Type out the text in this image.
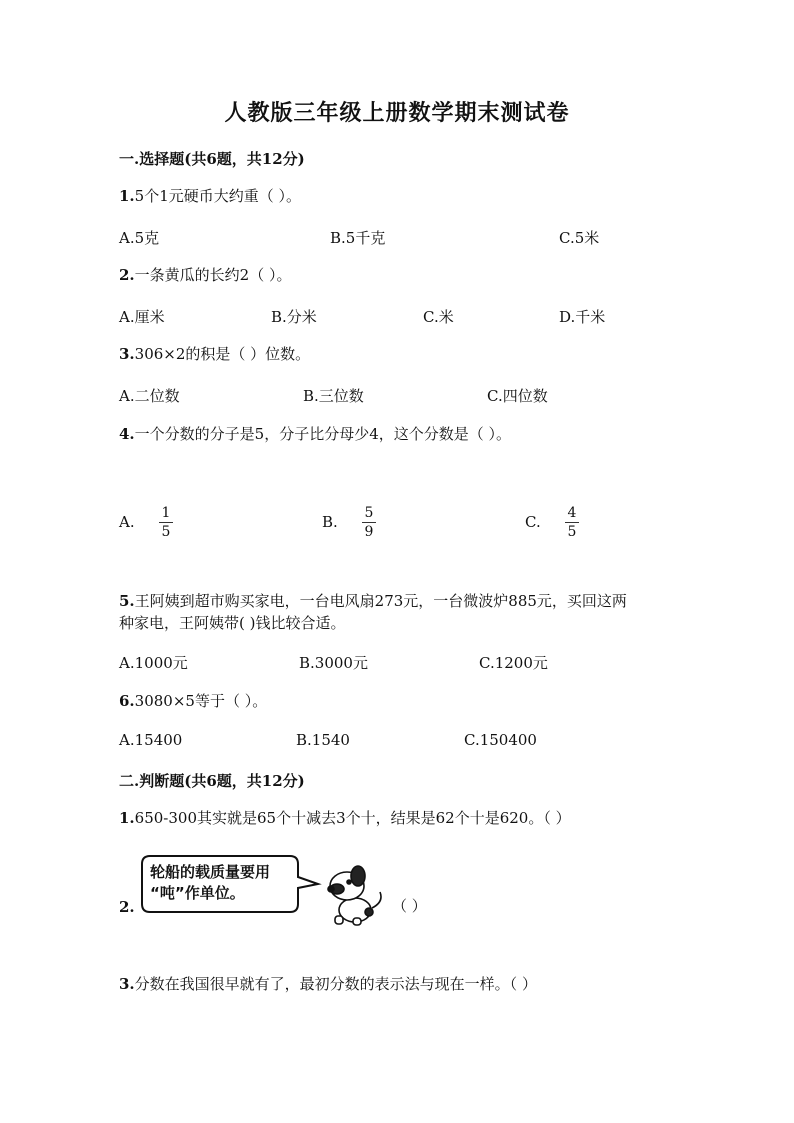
人教版三年级上册数学期末测试卷
一.选择题(共6题，共12分)
1.5个1元硬币大约重（ ）。
A.5克	B.5千克	C.5米
2.一条黄瓜的长约2（ ）。
A.厘米	B.分米	C.米	D.千米
3.306×2的积是（ ）位数。
A.二位数	B.三位数	C.四位数
4.一个分数的分子是5，分子比分母少4，这个分数是（ ）。
A.	1
5
B.	5
9
C.	4
5
5.王阿姨到超市购买家电，一台电风扇273元，一台微波炉885元，买回这两
种家电，王阿姨带( )钱比较合适。
A.1000元	B.3000元	C.1200元
6.3080×5等于（ ）。
A.15400	B.1540	C.150400
二.判断题(共6题，共12分)
1.650-300其实就是65个十减去3个十，结果是62个十是620。（ ）
2.
轮船的载质量要用
“吨”作单位。
（ ）
3.分数在我国很早就有了，最初分数的表示法与现在一样。（ ）
